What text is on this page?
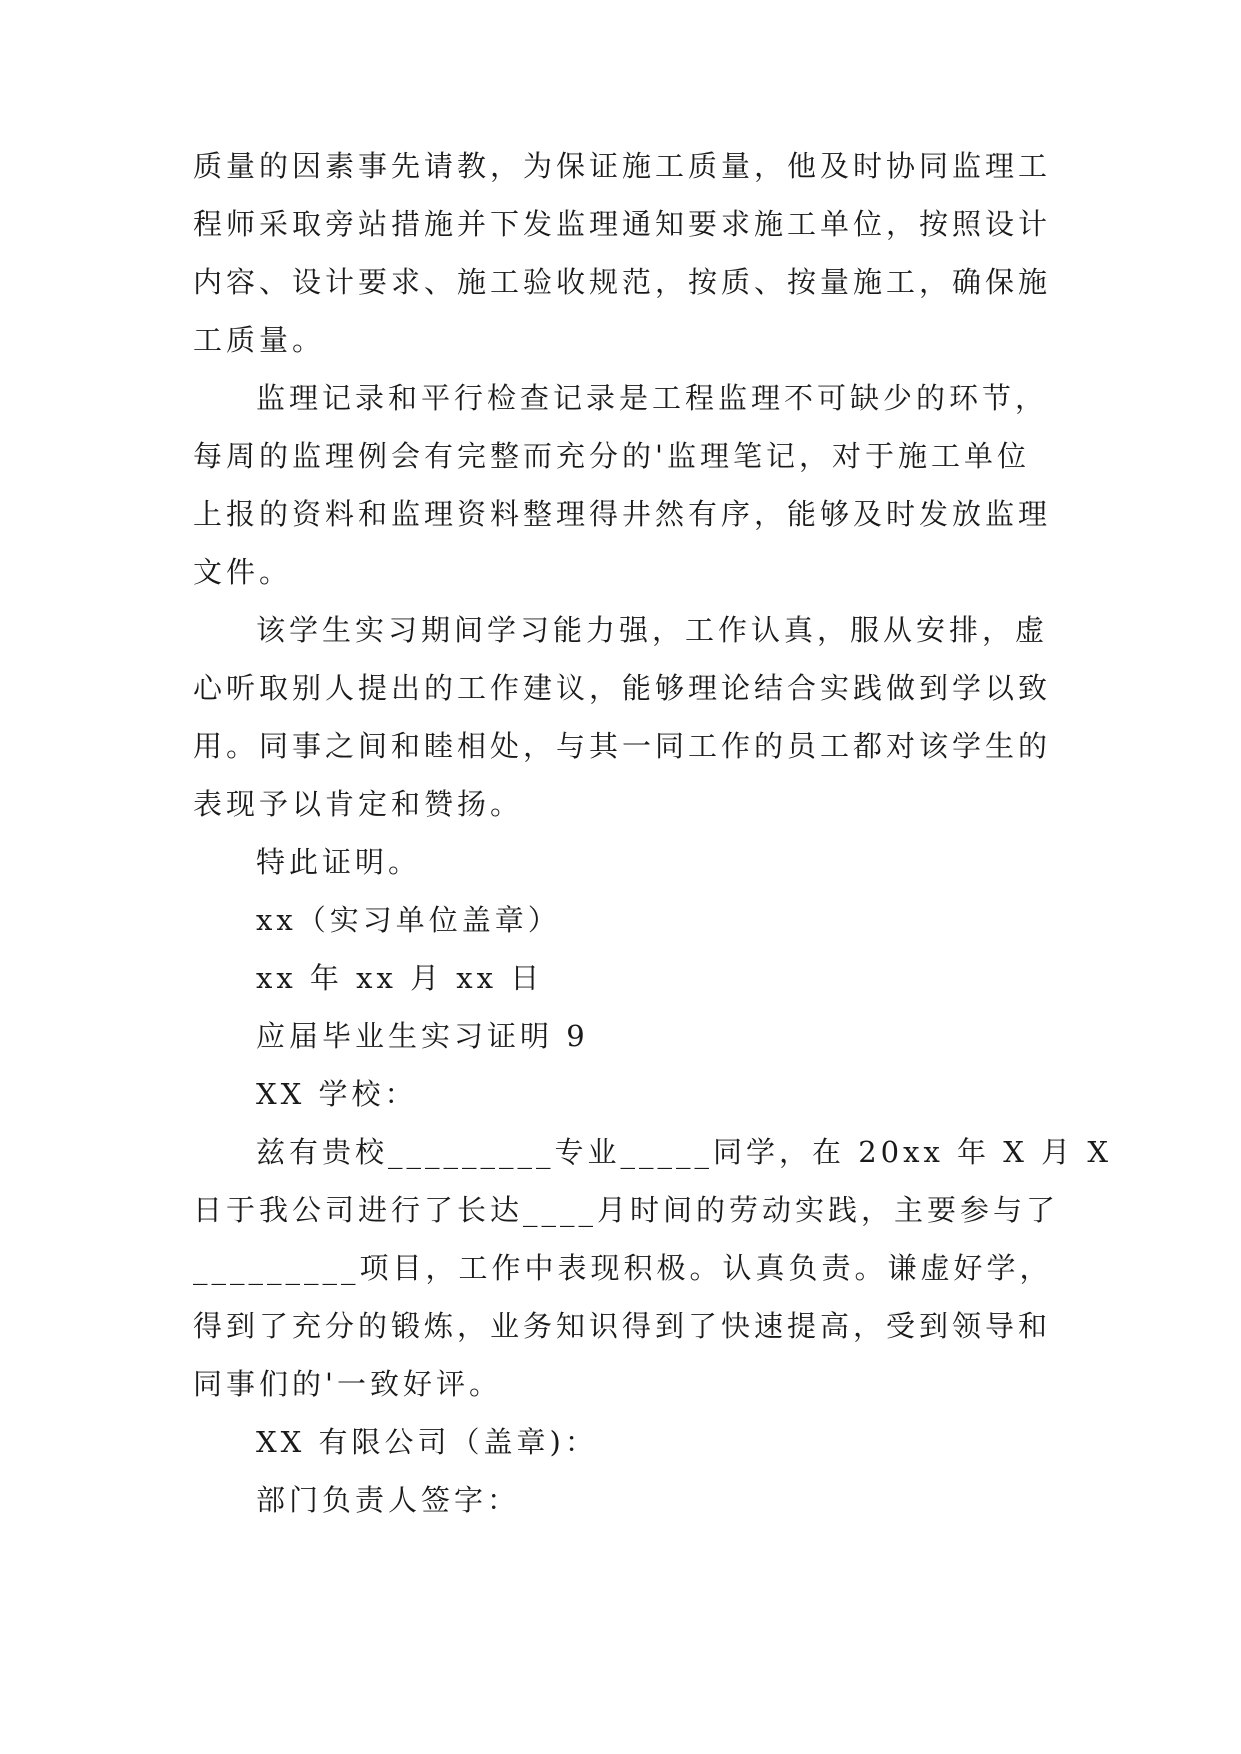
质量的因素事先请教，为保证施工质量，他及时协同监理工
程师采取旁站措施并下发监理通知要求施工单位，按照设计
内容、设计要求、施工验收规范，按质、按量施工，确保施
工质量。
监理记录和平行检查记录是工程监理不可缺少的环节，
每周的监理例会有完整而充分的'监理笔记，对于施工单位
上报的资料和监理资料整理得井然有序，能够及时发放监理
文件。
该学生实习期间学习能力强，工作认真，服从安排，虚
心听取别人提出的工作建议，能够理论结合实践做到学以致
用。同事之间和睦相处，与其一同工作的员工都对该学生的
表现予以肯定和赞扬。
特此证明。
xx（实习单位盖章）
xx 年 xx 月 xx 日
应届毕业生实习证明 9
XX 学校：
兹有贵校_________专业_____同学，在 20xx 年 X 月 X
日于我公司进行了长达____月时间的劳动实践，主要参与了
_________项目，工作中表现积极。认真负责。谦虚好学，
得到了充分的锻炼，业务知识得到了快速提高，受到领导和
同事们的'一致好评。
XX 有限公司（盖章)：
部门负责人签字：
